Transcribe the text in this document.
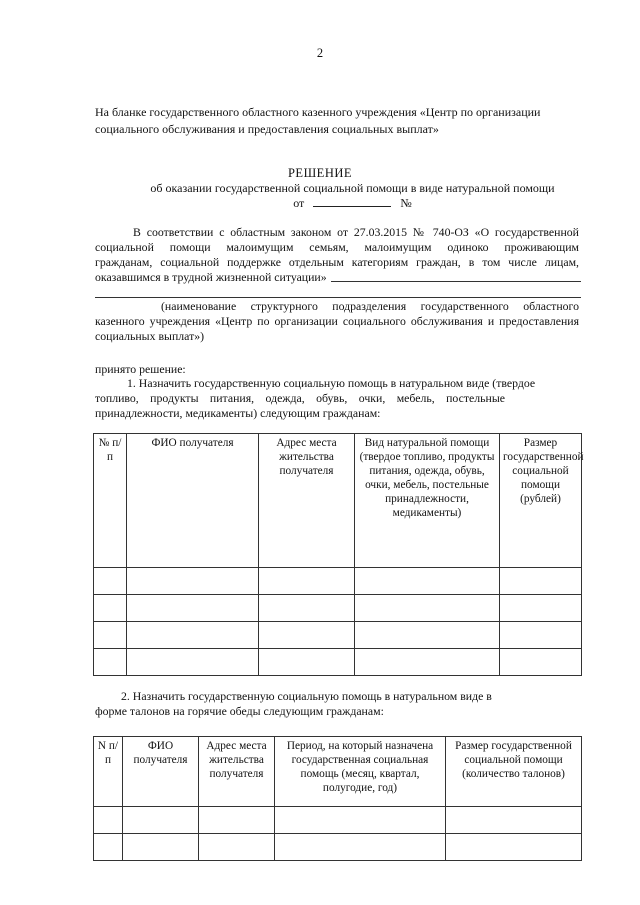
2
На бланке государственного областного казенного учреждения «Центр по организации
социального обслуживания и предоставления социальных выплат»
РЕШЕНИЕ
об оказании государственной социальной помощи в виде натуральной помощи
от	№
В соответствии с областным законом от 27.03.2015 № 740-ОЗ «О государственной
социальной помощи малоимущим семьям, малоимущим одиноко проживающим
гражданам, социальной поддержке отдельным категориям граждан, в том числе лицам,
оказавшимся в трудной жизненной ситуации»
(наименование структурного подразделения государственного областного
казенного учреждения «Центр по организации социального обслуживания и предоставления
социальных выплат»)
принято решение:
1. Назначить государственную социальную помощь в натуральном виде (твердое
топливо, продукты питания, одежда, обувь, очки, мебель, постельные
принадлежности, медикаменты) следующим гражданам:
№ п/п	ФИО получателя	Адрес места жительства получателя	Вид натуральной помощи (твердое топливо, продукты питания, одежда, обувь, очки, мебель, постельные принадлежности, медикаменты)	Размер государственной социальной помощи (рублей)

2. Назначить государственную социальную помощь в натуральном виде в
форме талонов на горячие обеды следующим гражданам:
N п/п	ФИО получателя	Адрес места жительства получателя	Период, на который назначена государственная социальная помощь (месяц, квартал, полугодие, год)	Размер государственной социальной помощи (количество талонов)
